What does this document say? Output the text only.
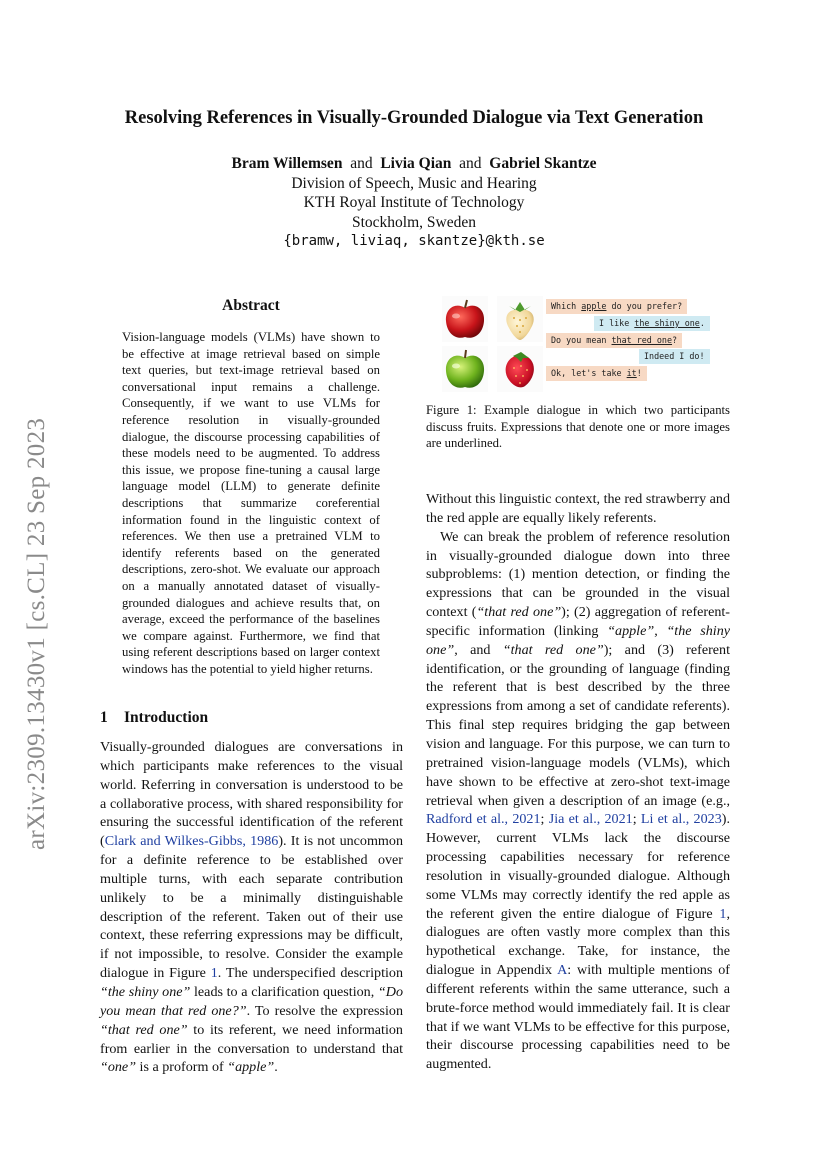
arXiv:2309.13430v1 [cs.CL] 23 Sep 2023
Resolving References in Visually-Grounded Dialogue via Text Generation
Bram Willemsen and Livia Qian and Gabriel Skantze
Division of Speech, Music and Hearing
KTH Royal Institute of Technology
Stockholm, Sweden
{bramw, liviaq, skantze}@kth.se
Abstract
Vision-language models (VLMs) have shown to be effective at image retrieval based on simple text queries, but text-image retrieval based on conversational input remains a challenge. Consequently, if we want to use VLMs for reference resolution in visually-grounded dialogue, the discourse processing capabilities of these models need to be augmented. To address this issue, we propose fine-tuning a causal large language model (LLM) to generate definite descriptions that summarize coreferential information found in the linguistic context of references. We then use a pretrained VLM to identify referents based on the generated descriptions, zero-shot. We evaluate our approach on a manually annotated dataset of visually-grounded dialogues and achieve results that, on average, exceed the performance of the baselines we compare against. Furthermore, we find that using referent descriptions based on larger context windows has the potential to yield higher returns.
Which apple do you prefer?
I like the shiny one.
Do you mean that red one?
Indeed I do!
Ok, let's take it!
Figure 1: Example dialogue in which two participants discuss fruits. Expressions that denote one or more images are underlined.
1 Introduction

Visually-grounded dialogues are conversations in which participants make references to the visual world. Referring in conversation is understood to be a collaborative process, with shared responsibility for ensuring the successful identification of the referent (Clark and Wilkes-Gibbs, 1986). It is not uncommon for a definite reference to be established over multiple turns, with each separate contribution unlikely to be a minimally distinguishable description of the referent. Taken out of their use context, these referring expressions may be difficult, if not impossible, to resolve. Consider the example dialogue in Figure 1. The underspecified description “the shiny one” leads to a clarification question, “Do you mean that red one?”. To resolve the expression “that red one” to its referent, we need information from earlier in the conversation to understand that “one” is a proform of “apple”.

Without this linguistic context, the red strawberry and the red apple are equally likely referents.

We can break the problem of reference resolution in visually-grounded dialogue down into three subproblems: (1) mention detection, or finding the expressions that can be grounded in the visual context (“that red one”); (2) aggregation of referent-specific information (linking “apple”, “the shiny one”, and “that red one”); and (3) referent identification, or the grounding of language (finding the referent that is best described by the three expressions from among a set of candidate referents). This final step requires bridging the gap between vision and language. For this purpose, we can turn to pretrained vision-language models (VLMs), which have shown to be effective at zero-shot text-image retrieval when given a description of an image (e.g., Radford et al., 2021; Jia et al., 2021; Li et al., 2023). However, current VLMs lack the discourse processing capabilities necessary for reference resolution in visually-grounded dialogue. Although some VLMs may correctly identify the red apple as the referent given the entire dialogue of Figure 1, dialogues are often vastly more complex than this hypothetical exchange. Take, for instance, the dialogue in Appendix A: with multiple mentions of different referents within the same utterance, such a brute-force method would immediately fail. It is clear that if we want VLMs to be effective for this purpose, their discourse processing capabilities need to be augmented.
